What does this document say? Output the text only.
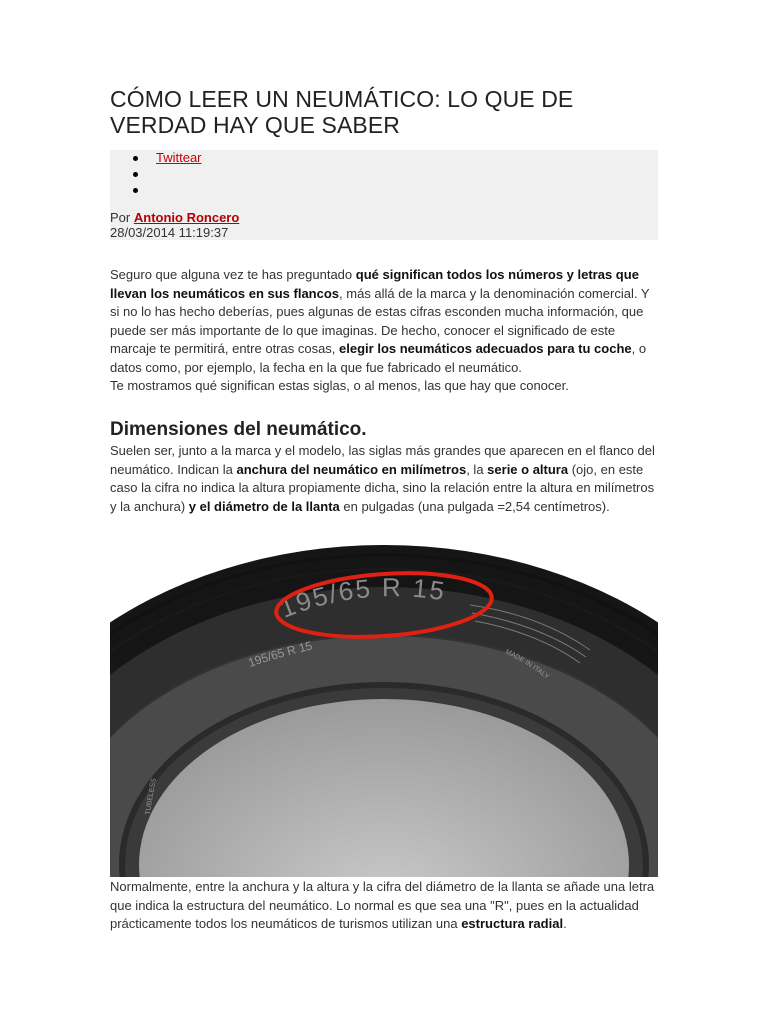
CÓMO LEER UN NEUMÁTICO: LO QUE DE VERDAD HAY QUE SABER
Twittear
Por Antonio Roncero
28/03/2014 11:19:37

Seguro que alguna vez te has preguntado qué significan todos los números y letras que llevan los neumáticos en sus flancos, más allá de la marca y la denominación comercial. Y si no lo has hecho deberías, pues algunas de estas cifras esconden mucha información, que puede ser más importante de lo que imaginas. De hecho, conocer el significado de este marcaje te permitirá, entre otras cosas, elegir los neumáticos adecuados para tu coche, o datos como, por ejemplo, la fecha en la que fue fabricado el neumático.
Te mostramos qué significan estas siglas, o al menos, las que hay que conocer.

Dimensiones del neumático.

Suelen ser, junto a la marca y el modelo, las siglas más grandes que aparecen en el flanco del neumático. Indican la anchura del neumático en milímetros, la serie o altura (ojo, en este caso la cifra no indica la altura propiamente dicha, sino la relación entre la altura en milímetros y la anchura) y el diámetro de la llanta en pulgadas (una pulgada =2,54 centímetros).

195/65 R 15
195/65 R 15	MADE IN ITALY
TUBELESS

Normalmente, entre la anchura y la altura y la cifra del diámetro de la llanta se añade una letra que indica la estructura del neumático. Lo normal es que sea una "R", pues en la actualidad prácticamente todos los neumáticos de turismos utilizan una estructura radial.
